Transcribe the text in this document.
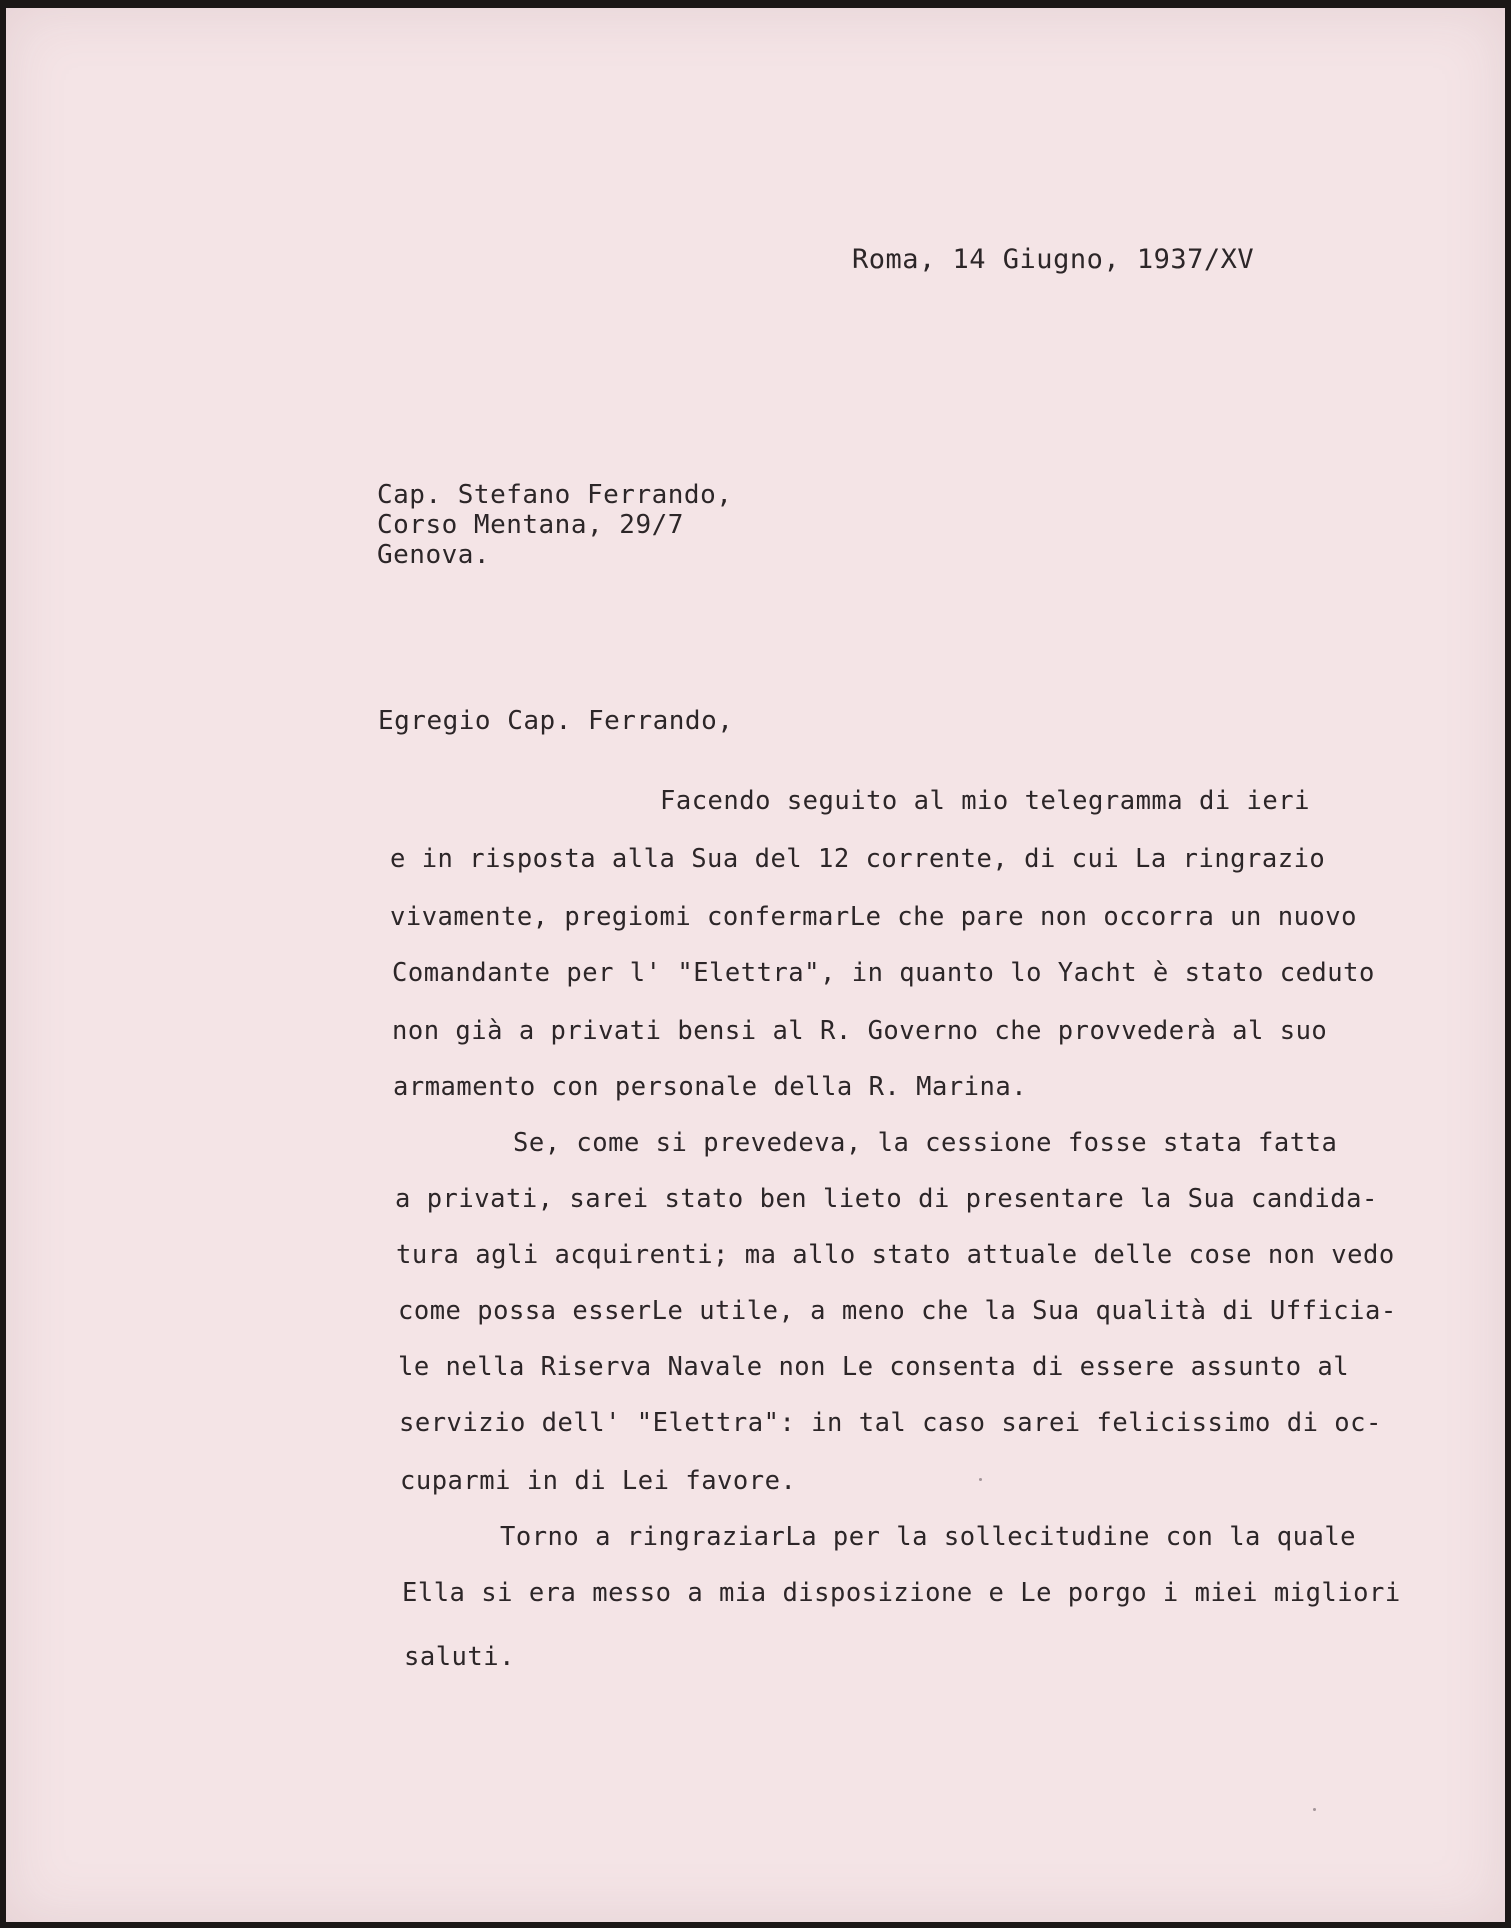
Roma, 14 Giugno, 1937/XV
Cap. Stefano Ferrando,
Corso Mentana, 29/7
Genova.
Egregio Cap. Ferrando,
Facendo seguito al mio telegramma di ieri
e in risposta alla Sua del 12 corrente, di cui La ringrazio
vivamente, pregiomi confermarLe che pare non occorra un nuovo
Comandante per l' "Elettra", in quanto lo Yacht è stato ceduto
non già a privati bensi al R. Governo che provvederà al suo
armamento con personale della R. Marina.
Se, come si prevedeva, la cessione fosse stata fatta
a privati, sarei stato ben lieto di presentare la Sua candida-
tura agli acquirenti; ma allo stato attuale delle cose non vedo
come possa esserLe utile, a meno che la Sua qualità di Ufficia-
le nella Riserva Navale non Le consenta di essere assunto al
servizio dell' "Elettra": in tal caso sarei felicissimo di oc-
cuparmi in di Lei favore.
Torno a ringraziarLa per la sollecitudine con la quale
Ella si era messo a mia disposizione e Le porgo i miei migliori
saluti.
